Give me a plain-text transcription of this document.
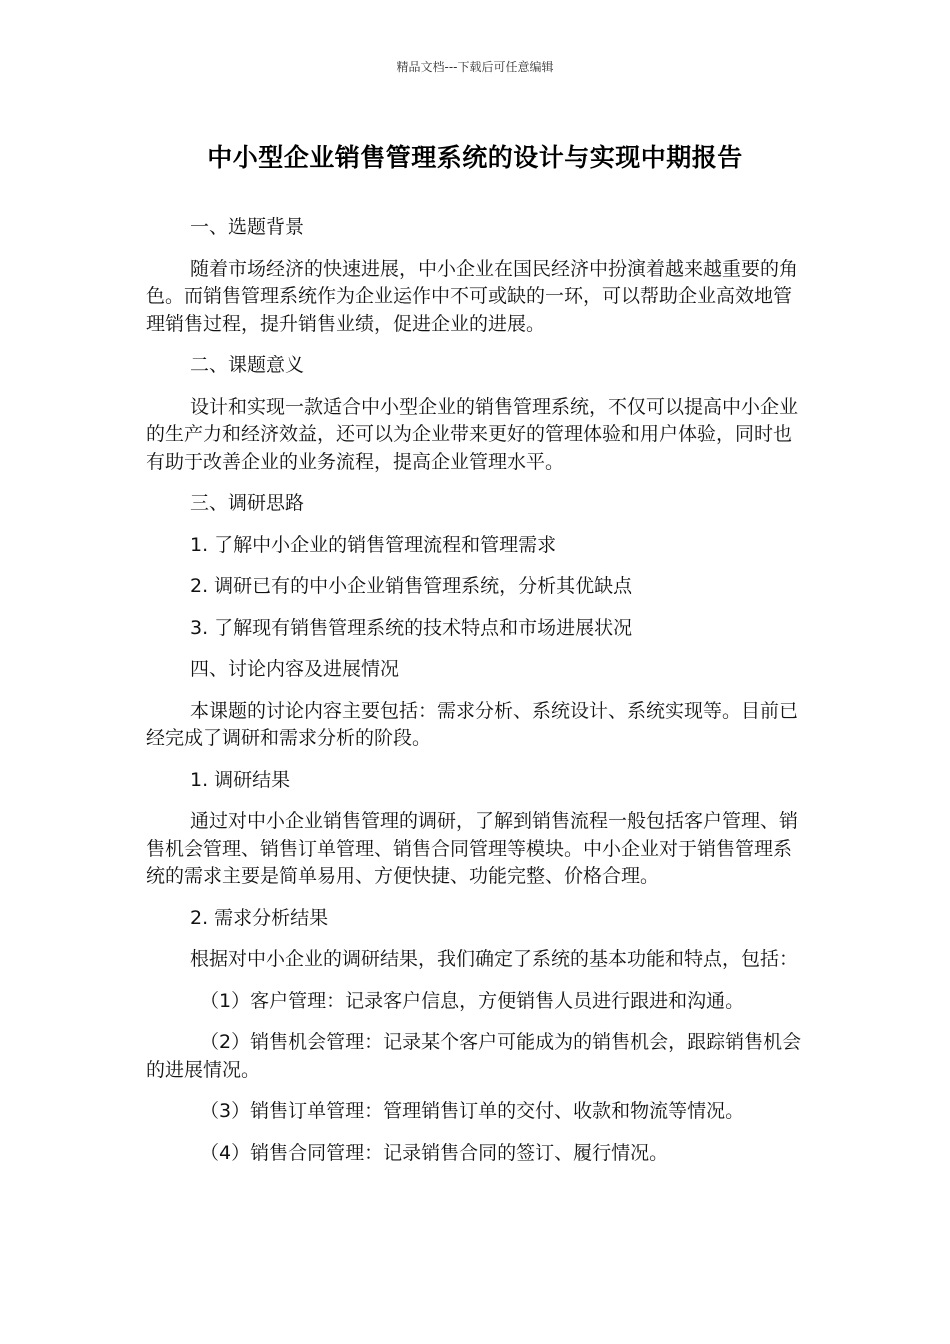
精品文档---下载后可任意编辑
中小型企业销售管理系统的设计与实现中期报告

一、选题背景

随着市场经济的快速进展，中小企业在国民经济中扮演着越来越重要的角色。而销售管理系统作为企业运作中不可或缺的一环，可以帮助企业高效地管理销售过程，提升销售业绩，促进企业的进展。

二、课题意义

设计和实现一款适合中小型企业的销售管理系统，不仅可以提高中小企业的生产力和经济效益，还可以为企业带来更好的管理体验和用户体验，同时也有助于改善企业的业务流程，提高企业管理水平。

三、调研思路

1. 了解中小企业的销售管理流程和管理需求

2. 调研已有的中小企业销售管理系统，分析其优缺点

3. 了解现有销售管理系统的技术特点和市场进展状况

四、讨论内容及进展情况

本课题的讨论内容主要包括：需求分析、系统设计、系统实现等。目前已经完成了调研和需求分析的阶段。

1. 调研结果

通过对中小企业销售管理的调研，了解到销售流程一般包括客户管理、销售机会管理、销售订单管理、销售合同管理等模块。中小企业对于销售管理系统的需求主要是简单易用、方便快捷、功能完整、价格合理。

2. 需求分析结果

根据对中小企业的调研结果，我们确定了系统的基本功能和特点，包括：

（1）客户管理：记录客户信息，方便销售人员进行跟进和沟通。

（2）销售机会管理：记录某个客户可能成为的销售机会，跟踪销售机会的进展情况。

（3）销售订单管理：管理销售订单的交付、收款和物流等情况。

（4）销售合同管理：记录销售合同的签订、履行情况。
